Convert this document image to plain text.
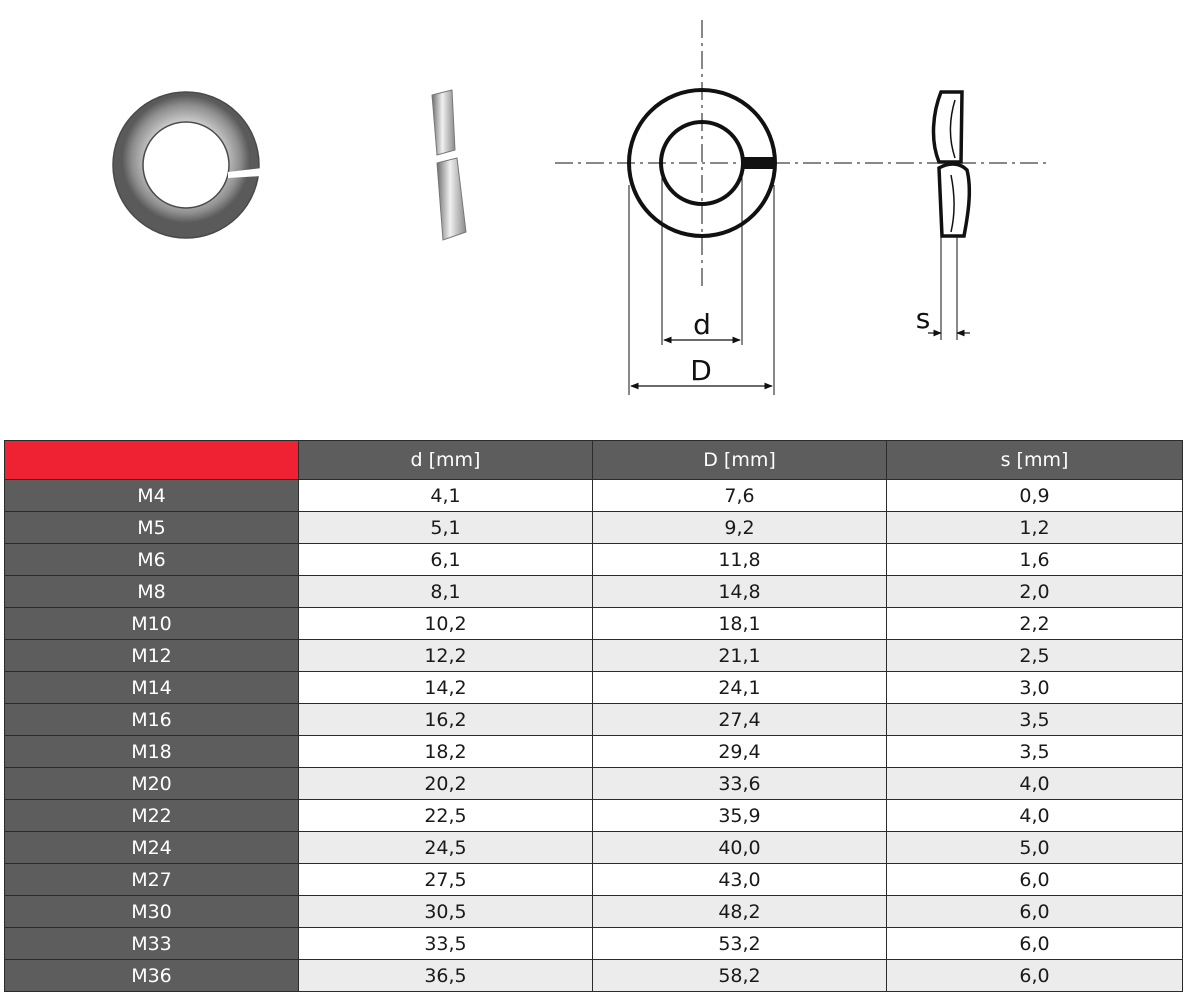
d
D
s
	d [mm]	D [mm]	s [mm]
M4	4,1	7,6	0,9
M5	5,1	9,2	1,2
M6	6,1	11,8	1,6
M8	8,1	14,8	2,0
M10	10,2	18,1	2,2
M12	12,2	21,1	2,5
M14	14,2	24,1	3,0
M16	16,2	27,4	3,5
M18	18,2	29,4	3,5
M20	20,2	33,6	4,0
M22	22,5	35,9	4,0
M24	24,5	40,0	5,0
M27	27,5	43,0	6,0
M30	30,5	48,2	6,0
M33	33,5	53,2	6,0
M36	36,5	58,2	6,0
